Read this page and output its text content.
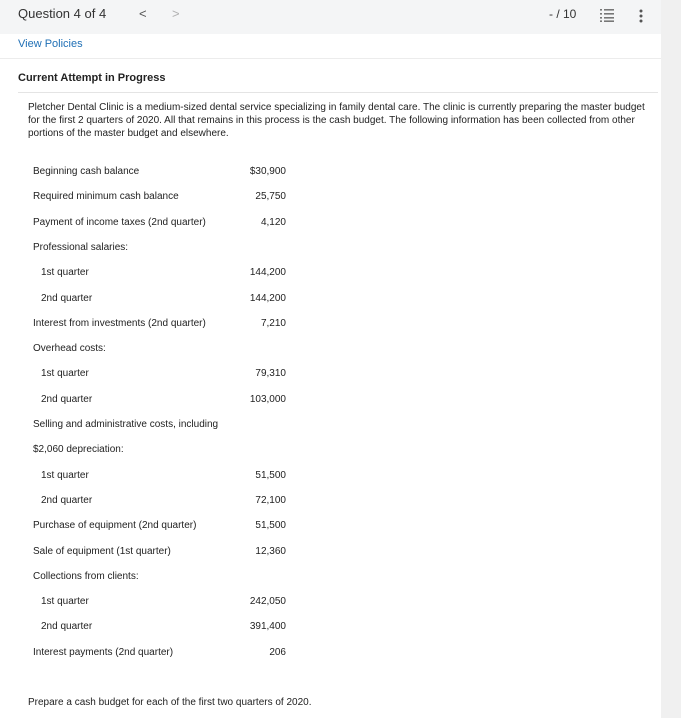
Question 4 of 4	< >	- / 10
View Policies
Current Attempt in Progress
Pletcher Dental Clinic is a medium-sized dental service specializing in family dental care. The clinic is currently preparing the master budget for the first 2 quarters of 2020. All that remains in this process is the cash budget. The following information has been collected from other portions of the master budget and elsewhere.
Beginning cash balance	$30,900
Required minimum cash balance	25,750
Payment of income taxes (2nd quarter)	4,120
Professional salaries:
1st quarter	144,200
2nd quarter	144,200
Interest from investments (2nd quarter)	7,210
Overhead costs:
1st quarter	79,310
2nd quarter	103,000
Selling and administrative costs, including
$2,060 depreciation:
1st quarter	51,500
2nd quarter	72,100
Purchase of equipment (2nd quarter)	51,500
Sale of equipment (1st quarter)	12,360
Collections from clients:
1st quarter	242,050
2nd quarter	391,400
Interest payments (2nd quarter)	206
Prepare a cash budget for each of the first two quarters of 2020.
